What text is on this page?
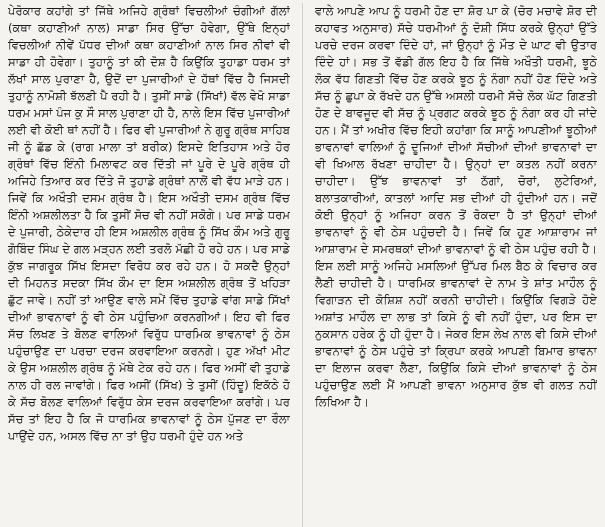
ਪੇਰੋਕਾਰ ਕਹਾਂਗੇ ਤਾਂ ਜਿੱਥੇ ਅਜਿਹੇ ਗ੍ਰੰਥਾਂ ਵਿਚਲੀਆਂ ਚੰਗੀਆਂ ਗੱਲਾਂ (ਕਥਾ ਕਹਾਣੀਆਂ ਨਾਲ) ਸਾਡਾ ਸਿਰ ਉੱਚਾ ਹੋਵੇਗਾ, ਉੱਥੇ ਇਨ੍ਹਾਂ ਵਿਚਲੀਆਂ ਨੀਵੇਂ ਪੱਧਰ ਦੀਆਂ ਕਥਾ ਕਹਾਣੀਆਂ ਨਾਲ ਸਿਰ ਨੀਵਾਂ ਵੀ ਸਾਡਾ ਹੀ ਹੋਵੇਗਾ। ਤੁਹਾਨੂੰ ਤਾਂ ਕੀ ਦੋਸ਼ ਹੈ ਕਿਉਂਕਿ ਤੁਹਾਡਾ ਧਰਮ ਤਾਂ ਲੱਖਾਂ ਸਾਲ ਪੁਰਾਣਾ ਹੈ, ਉਦੋਂ ਦਾ ਪੁਜਾਰੀਆਂ ਦੇ ਹੱਥਾਂ ਵਿੱਚ ਹੈ ਜਿਸਦੀ ਤੁਹਾਨੂੰ ਨਾਮੋਸ਼ੀ ਝੱਲਣੀ ਪੈ ਰਹੀ ਹੈ। ਤੁਸੀਂ ਸਾਡੇ (ਸਿੱਖਾਂ) ਵੱਲ ਵੇਖੋ ਸਾਡਾ ਧਰਮ ਮਸਾਂ ਪੰਜ ਕੁ ਸੌ ਸਾਲ ਪੁਰਾਣਾ ਹੀ ਹੈ, ਨਾਲੇ ਇਸ ਵਿੱਚ ਪੁਜਾਰੀਆਂ ਲਈ ਵੀ ਕੋਈ ਥਾਂ ਨਹੀਂ ਹੈ। ਫਿਰ ਵੀ ਪੁਜਾਰੀਆਂ ਨੇ ਗੁਰੂ ਗ੍ਰੰਥ ਸਾਹਿਬ ਜੀ ਨੂੰ ਛੱਡ ਕੇ (ਰਾਗ ਮਾਲਾ ਤਾਂ ਬਰੀਕ) ਇਸਦੇ ਇਤਿਹਾਸ ਅਤੇ ਹੋਰ ਗ੍ਰੰਥਾਂ ਵਿੱਚ ਇੰਨੀ ਮਿਲਾਵਟ ਕਰ ਦਿੱਤੀ ਜਾਂ ਪੂਰੇ ਦੇ ਪੂਰੇ ਗ੍ਰੰਥ ਹੀ ਅਜਿਹੇ ਤਿਆਰ ਕਰ ਦਿੱਤੇ ਜੋ ਤੁਹਾਡੇ ਗ੍ਰੰਥਾਂ ਨਾਲੋਂ ਵੀ ਵੱਧ ਮਾੜੇ ਹਨ। ਜਿਵੇਂ ਕਿ ਅਖੌਤੀ ਦਸਮ ਗ੍ਰੰਥ ਹੈ। ਇਸ ਅਖੌਤੀ ਦਸਮ ਗ੍ਰੰਥ ਵਿੱਚ ਇੰਨੀ ਅਸ਼ਲੀਲਤਾ ਹੈ ਕਿ ਤੁਸੀਂ ਸੋਚ ਵੀ ਨਹੀਂ ਸਕੋਗੇ। ਪਰ ਸਾਡੇ ਧਰਮ ਦੇ ਪੁਜਾਰੀ, ਠੇਕੇਦਾਰ ਹੀ ਇਸ ਅਸ਼ਲੀਲ ਗ੍ਰੰਥ ਨੂੰ ਸਿੱਖ ਕੌਮ ਅਤੇ ਗੁਰੂ ਗੋਬਿੰਦ ਸਿੰਘ ਦੇ ਗਲ ਮੜ੍ਹਨ ਲਈ ਤਰਲੋ ਮੱਛੀ ਹੋ ਰਹੇ ਹਨ। ਪਰ ਸਾਡੇ ਕੁੱਝ ਜਾਗਰੂਕ ਸਿੱਖ ਇਸਦਾ ਵਿਰੋਧ ਕਰ ਰਹੇ ਹਨ। ਹੋ ਸਕਦੈ ਉਨ੍ਹਾਂ ਦੀ ਮਿਹਨਤ ਸਦਕਾ ਸਿੱਖ ਕੌਮ ਦਾ ਇਸ ਅਸ਼ਲੀਲ ਗ੍ਰੰਥ ਤੋਂ ਖਹਿੜਾ ਛੁੱਟ ਜਾਵੇ। ਨਹੀਂ ਤਾਂ ਆਉਣ ਵਾਲੇ ਸਮੇਂ ਵਿੱਚ ਤੁਹਾਡੇ ਵਾਂਗ ਸਾਡੇ ਸਿੱਖਾਂ ਦੀਆਂ ਭਾਵਨਾਵਾਂ ਨੂੰ ਵੀ ਠੇਸ ਪਹੁੰਚਿਆ ਕਰਨਗੀਆਂ। ਇਹ ਵੀ ਫਿਰ ਸੱਚ ਲਿਖਣ ਤੇ ਬੋਲਣ ਵਾਲਿਆਂ ਵਿਰੁੱਧ ਧਾਰਮਿਕ ਭਾਵਨਾਵਾਂ ਨੂੰ ਠੇਸ ਪਹੁੰਚਾਉਣ ਦਾ ਪਰਚਾ ਦਰਜ ਕਰਵਾਇਆ ਕਰਨਗੇ। ਹੁਣ ਅੱਖਾਂ ਮੀਟ ਕੇ ਉਸ ਅਸ਼ਲੀਲ ਗ੍ਰੰਥ ਨੂੰ ਮੱਥੇ ਟੇਕ ਰਹੇ ਹਨ। ਫਿਰ ਅਸੀਂ ਵੀ ਤੁਹਾਡੇ ਨਾਲ ਹੀ ਰਲ ਜਾਵਾਂਗੇ। ਫਿਰ ਅਸੀਂ (ਸਿੱਖ) ਤੇ ਤੁਸੀਂ (ਹਿੰਦੂ) ਇਕੱਠੇ ਹੋ ਕੇ ਸੱਚ ਬੋਲਣ ਵਾਲਿਆਂ ਵਿਰੁੱਧ ਕੇਸ ਦਰਜ ਕਰਵਾਇਆ ਕਰਾਂਗੇ। ਪਰ ਸੱਚ ਤਾਂ ਇਹ ਹੈ ਕਿ ਜੋ ਧਾਰਮਿਕ ਭਾਵਨਾਵਾਂ ਨੂੰ ਠੇਸ ਪੁੱਜਣ ਦਾ ਰੌਲਾ ਪਾਉਂਦੇ ਹਨ, ਅਸਲ ਵਿੱਚ ਨਾ ਤਾਂ ਉਹ ਧਰਮੀ ਹੁੰਦੇ ਹਨ ਅਤੇ

ਵਾਲੇ ਆਪਣੇ ਆਪ ਨੂੰ ਧਰਮੀ ਹੋਣ ਦਾ ਸ਼ੋਰ ਪਾ ਕੇ (ਚੋਰ ਮਚਾਵੇ ਸ਼ੋਰ ਦੀ ਕਹਾਵਤ ਅਨੁਸਾਰ) ਸੱਚੇ ਧਰਮੀਆਂ ਨੂੰ ਦੋਸ਼ੀ ਸਿੱਧ ਕਰਕੇ ਉਨ੍ਹਾਂ ਉੱਤੇ ਪਰਚੇ ਦਰਜ ਕਰਵਾ ਦਿੰਦੇ ਹਾਂ, ਜਾਂ ਉਨ੍ਹਾਂ ਨੂੰ ਮੌਤ ਦੇ ਘਾਟ ਵੀ ਉਤਾਰ ਦਿੰਦੇ ਹਾਂ। ਸਭ ਤੋਂ ਵੱਡੀ ਗੱਲ ਇਹ ਹੈ ਕਿ ਜਿੱਥੇ ਅਖੌਤੀ ਧਰਮੀ, ਝੂਠੇ ਲੋਕ ਵੱਧ ਗਿਣਤੀ ਵਿੱਚ ਹੋਣ ਕਰਕੇ ਝੂਠ ਨੂੰ ਨੰਗਾ ਨਹੀਂ ਹੋਣ ਦਿੰਦੇ ਅਤੇ ਸੱਚ ਨੂੰ ਛੁਪਾ ਕੇ ਰੱਖਦੇ ਹਨ ਉੱਥੇ ਅਸਲੀ ਧਰਮੀ ਸੱਚੇ ਲੋਕ ਘੱਟ ਗਿਣਤੀ ਹੋਣ ਦੇ ਬਾਵਜੂਦ ਵੀ ਸੱਚ ਨੂੰ ਪ੍ਰਗਟ ਕਰਕੇ ਝੂਠ ਨੂੰ ਨੰਗਾ ਕਰ ਹੀ ਜਾਂਦੇ ਹਨ। ਮੈਂ ਤਾਂ ਅਖੀਰ ਵਿੱਚ ਇਹੀ ਕਹਾਂਗਾ ਕਿ ਸਾਨੂੰ ਆਪਣੀਆਂ ਝੂਠੀਆਂ ਭਾਵਨਾਵਾਂ ਵਾਲਿਆਂ ਨੂੰ ਦੂਜਿਆਂ ਦੀਆਂ ਸੱਚੀਆਂ ਦੀਆਂ ਭਾਵਨਾਵਾਂ ਦਾ ਵੀ ਖਿਆਲ ਰੱਖਣਾ ਚਾਹੀਦਾ ਹੈ। ਉਨ੍ਹਾਂ ਦਾ ਕਤਲ ਨਹੀਂ ਕਰਨਾ ਚਾਹੀਦਾ। ਉੱਝ ਭਾਵਨਾਵਾਂ ਤਾਂ ਠੱਗਾਂ, ਚੋਰਾਂ, ਲੁਟੇਰਿਆਂ, ਬਲਾਤਕਾਰੀਆਂ, ਕਾਤਲਾਂ ਆਦਿ ਸਭ ਦੀਆਂ ਹੀ ਹੁੰਦੀਆਂ ਹਨ। ਜਦੋਂ ਕੋਈ ਉਨ੍ਹਾਂ ਨੂੰ ਅਜਿਹਾ ਕਰਨ ਤੋਂ ਰੋਕਦਾ ਹੈ ਤਾਂ ਉਨ੍ਹਾਂ ਦੀਆਂ ਭਾਵਨਾਵਾਂ ਨੂੰ ਵੀ ਠੇਸ ਪਹੁੰਚਦੀ ਹੈ। ਜਿਵੇਂ ਕਿ ਹੁਣ ਆਸ਼ਾਰਾਮ ਜਾਂ ਆਸ਼ਾਰਾਮ ਦੇ ਸਮਰਥਕਾਂ ਦੀਆਂ ਭਾਵਨਾਵਾਂ ਨੂੰ ਵੀ ਠੇਸ ਪਹੁੰਚ ਰਹੀ ਹੈ। ਇਸ ਲਈ ਸਾਨੂੰ ਅਜਿਹੇ ਮਸਲਿਆਂ ਉੱਪਰ ਮਿਲ ਬੈਠ ਕੇ ਵਿਚਾਰ ਕਰ ਲੈਣੀ ਚਾਹੀਦੀ ਹੈ। ਧਾਰਮਿਕ ਭਾਵਨਾਵਾਂ ਦੇ ਨਾਮ ਤੇ ਸ਼ਾਂਤ ਮਾਹੌਲ ਨੂੰ ਵਿਗਾੜਨ ਦੀ ਕੋਸ਼ਿਸ਼ ਨਹੀਂ ਕਰਨੀ ਚਾਹੀਦੀ। ਕਿਉਂਕਿ ਵਿਗੜੇ ਹੋਏ ਅਸ਼ਾਂਤ ਮਾਹੌਲ ਦਾ ਲਾਭ ਤਾਂ ਕਿਸੇ ਨੂੰ ਵੀ ਨਹੀਂ ਹੁੰਦਾ, ਪਰ ਇਸ ਦਾ ਨੁਕਸਾਨ ਹਰੇਕ ਨੂੰ ਹੀ ਹੁੰਦਾ ਹੈ। ਜੇਕਰ ਇਸ ਲੇਖ ਨਾਲ ਵੀ ਕਿਸੇ ਦੀਆਂ ਭਾਵਨਾਵਾਂ ਨੂੰ ਠੇਸ ਪਹੁੰਚੇ ਤਾਂ ਕ੍ਰਿਪਾ ਕਰਕੇ ਆਪਣੀ ਬਿਮਾਰ ਭਾਵਨਾ ਦਾ ਇਲਾਜ ਕਰਵਾ ਲੈਣਾ, ਕਿਉਂਕਿ ਕਿਸੇ ਦੀਆਂ ਭਾਵਨਾਵਾਂ ਨੂੰ ਠੇਸ ਪਹੁੰਚਾਉਣ ਲਈ ਮੈਂ ਆਪਣੀ ਭਾਵਨਾ ਅਨੁਸਾਰ ਕੁੱਝ ਵੀ ਗਲਤ ਨਹੀਂ ਲਿਖਿਆ ਹੈ।
